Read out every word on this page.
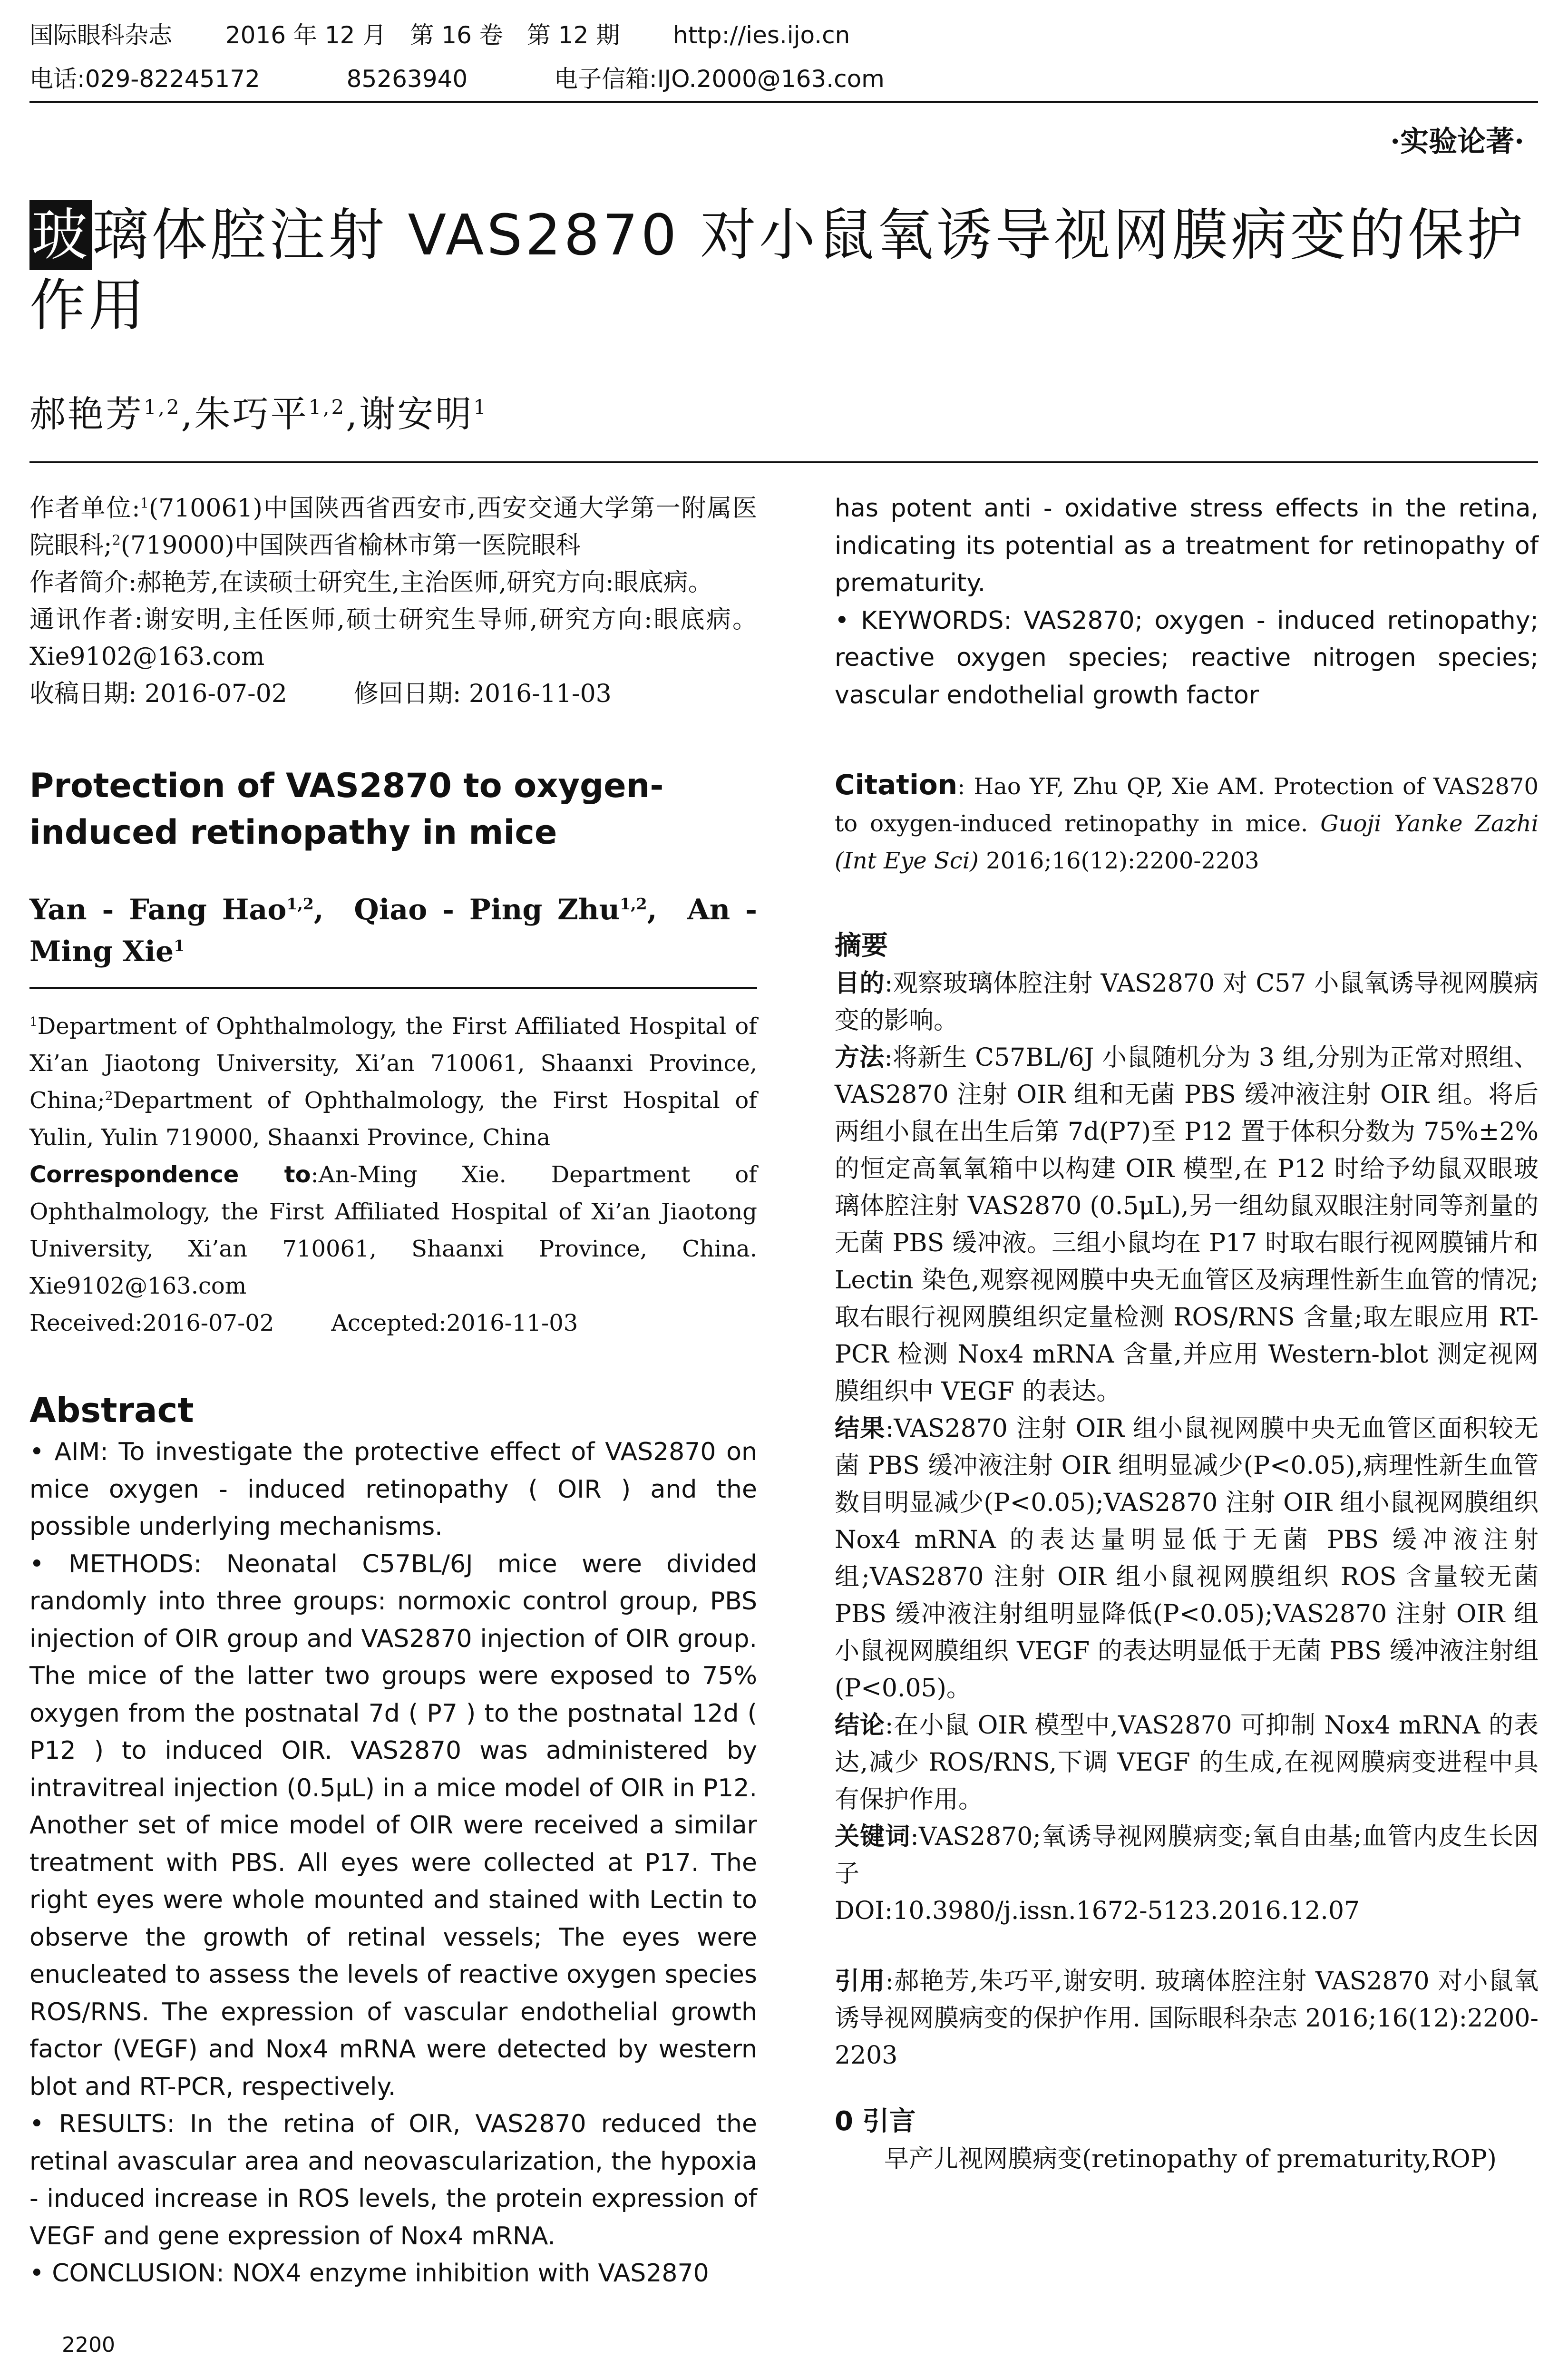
国际眼科杂志 2016 年 12 月　第 16 卷　第 12 期 http://ies.ijo.cn
电话:029-82245172	85263940	电子信箱:IJO.2000@163.com
·实验论著·
玻璃体腔注射 VAS2870 对小鼠氧诱导视网膜病变的保护作用
郝艳芳$^{1,2}$,朱巧平$^{1,2}$,谢安明$^1$

作者单位:$^1$(710061)中国陕西省西安市,西安交通大学第一附属医院眼科;$^2$(719000)中国陕西省榆林市第一医院眼科

作者简介:郝艳芳,在读硕士研究生,主治医师,研究方向:眼底病。

通讯作者:谢安明,主任医师,硕士研究生导师,研究方向:眼底病。Xie9102@163.com

收稿日期: 2016-07-02	修回日期: 2016-11-03

Protection of VAS2870 to oxygen-induced retinopathy in mice
Yan - Fang Hao$^{1,2}$,  Qiao - Ping Zhu$^{1,2}$,  An - Ming Xie$^1$

$^1$Department of Ophthalmology, the First Affiliated Hospital of Xi’an Jiaotong University, Xi’an 710061, Shaanxi Province, China;$^2$Department of Ophthalmology, the First Hospital of Yulin, Yulin 719000, Shaanxi Province, China

Correspondence to:An-Ming Xie. Department of Ophthalmology, the First Affiliated Hospital of Xi’an Jiaotong University, Xi’an 710061, Shaanxi Province, China. Xie9102@163.com

Received:2016-07-02	Accepted:2016-11-03

Abstract

• AIM: To investigate the protective effect of VAS2870 on mice oxygen - induced retinopathy ( OIR ) and the possible underlying mechanisms.

• METHODS: Neonatal C57BL/6J mice were divided randomly into three groups: normoxic control group, PBS injection of OIR group and VAS2870 injection of OIR group. The mice of the latter two groups were exposed to 75% oxygen from the postnatal 7d ( P7 ) to the postnatal 12d ( P12 ) to induced OIR. VAS2870 was administered by intravitreal injection (0.5μL) in a mice model of OIR in P12. Another set of mice model of OIR were received a similar treatment with PBS. All eyes were collected at P17. The right eyes were whole mounted and stained with Lectin to observe the growth of retinal vessels; The eyes were enucleated to assess the levels of reactive oxygen species ROS/RNS. The expression of vascular endothelial growth factor (VEGF) and Nox4 mRNA were detected by western blot and RT-PCR, respectively.

• RESULTS: In the retina of OIR, VAS2870 reduced the retinal avascular area and neovascularization, the hypoxia - induced increase in ROS levels, the protein expression of VEGF and gene expression of Nox4 mRNA.

• CONCLUSION: NOX4 enzyme inhibition with VAS2870

2200

has potent anti - oxidative stress effects in the retina, indicating its potential as a treatment for retinopathy of prematurity.

• KEYWORDS: VAS2870; oxygen - induced retinopathy; reactive oxygen species; reactive nitrogen species; vascular endothelial growth factor

Citation: Hao YF, Zhu QP, Xie AM. Protection of VAS2870 to oxygen-induced retinopathy in mice. Guoji Yanke Zazhi (Int Eye Sci) 2016;16(12):2200-2203
摘要

目的:观察玻璃体腔注射 VAS2870 对 C57 小鼠氧诱导视网膜病变的影响。

方法:将新生 C57BL/6J 小鼠随机分为 3 组,分别为正常对照组、VAS2870 注射 OIR 组和无菌 PBS 缓冲液注射 OIR 组。将后两组小鼠在出生后第 7d(P7)至 P12 置于体积分数为 75%±2% 的恒定高氧氧箱中以构建 OIR 模型,在 P12 时给予幼鼠双眼玻璃体腔注射 VAS2870 (0.5μL),另一组幼鼠双眼注射同等剂量的无菌 PBS 缓冲液。三组小鼠均在 P17 时取右眼行视网膜铺片和 Lectin 染色,观察视网膜中央无血管区及病理性新生血管的情况;取右眼行视网膜组织定量检测 ROS/RNS 含量;取左眼应用 RT-PCR 检测 Nox4 mRNA 含量,并应用 Western-blot 测定视网膜组织中 VEGF 的表达。

结果:VAS2870 注射 OIR 组小鼠视网膜中央无血管区面积较无菌 PBS 缓冲液注射 OIR 组明显减少(P<0.05),病理性新生血管数目明显减少(P<0.05);VAS2870 注射 OIR 组小鼠视网膜组织 Nox4 mRNA 的表达量明显低于无菌 PBS 缓冲液注射组;VAS2870 注射 OIR 组小鼠视网膜组织 ROS 含量较无菌 PBS 缓冲液注射组明显降低(P<0.05);VAS2870 注射 OIR 组小鼠视网膜组织 VEGF 的表达明显低于无菌 PBS 缓冲液注射组(P<0.05)。

结论:在小鼠 OIR 模型中,VAS2870 可抑制 Nox4 mRNA 的表达,减少 ROS/RNS,下调 VEGF 的生成,在视网膜病变进程中具有保护作用。

关键词:VAS2870;氧诱导视网膜病变;氧自由基;血管内皮生长因子

DOI:10.3980/j.issn.1672-5123.2016.12.07

引用:郝艳芳,朱巧平,谢安明. 玻璃体腔注射 VAS2870 对小鼠氧诱导视网膜病变的保护作用. 国际眼科杂志 2016;16(12):2200-2203
0 引言
早产儿视网膜病变(retinopathy of prematurity,ROP)
